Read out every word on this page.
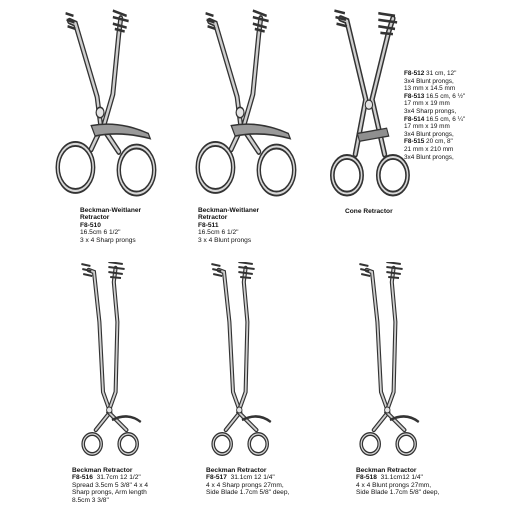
Beckman-Weitlaner
Retractor
F8-510
16.5cm 6 1/2"
3 x 4 Sharp prongs
Beckman-Weitlaner
Retractor
F8-511
16.5cm 6 1/2"
3 x 4 Blunt prongs
Cone Retractor
F8-512 31 cm, 12"
3x4 Blunt prongs,
13 mm x 14.5 mm
F8-513 16.5 cm, 6 ½"
17 mm x 19 mm
3x4 Sharp prongs,
F8-514 16.5 cm, 6 ¼"
17 mm x 19 mm
3x4 Blunt prongs,
F8-515 20 cm, 8"
21 mm x 210 mm
3x4 Blunt prongs,
Beckman Retractor
F8-516 31.7cm 12 1/2"
Spread 3.5cm 5 3/8" 4 x 4
Sharp prongs, Arm length
8.5cm 3 3/8"
Beckman Retractor
F8-517 31.1cm 12 1/4"
4 x 4 Sharp prongs 27mm,
Side Blade 1.7cm 5/8" deep,
Beckman Retractor
F8-518 31.1cm12 1/4"
4 x 4 Blunt prongs 27mm,
Side Blade 1.7cm 5/8" deep,
